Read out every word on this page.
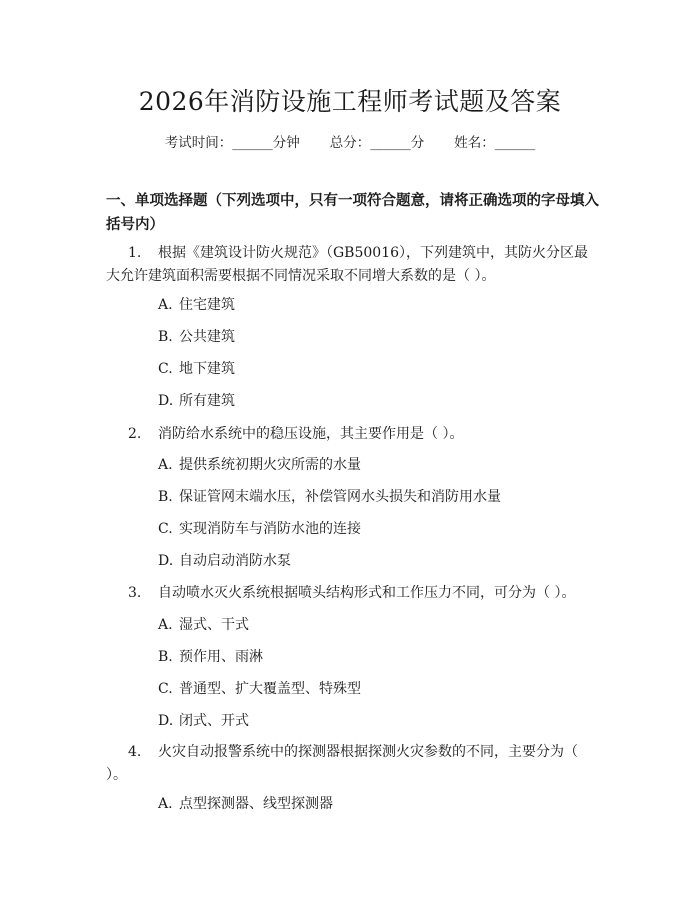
2026年消防设施工程师考试题及答案
考试时间：______分钟 总分：______分 姓名：______
一、单项选择题（下列选项中，只有一项符合题意，请将正确选项的字母填入括号内）
1. 根据《建筑设计防火规范》（GB50016），下列建筑中，其防火分区最大允许建筑面积需要根据不同情况采取不同增大系数的是（ ）。
A. 住宅建筑
B. 公共建筑
C. 地下建筑
D. 所有建筑
2. 消防给水系统中的稳压设施，其主要作用是（ ）。
A. 提供系统初期火灾所需的水量
B. 保证管网末端水压，补偿管网水头损失和消防用水量
C. 实现消防车与消防水池的连接
D. 自动启动消防水泵
3. 自动喷水灭火系统根据喷头结构形式和工作压力不同，可分为（ ）。
A. 湿式、干式
B. 预作用、雨淋
C. 普通型、扩大覆盖型、特殊型
D. 闭式、开式
4. 火灾自动报警系统中的探测器根据探测火灾参数的不同，主要分为（ ）。
A. 点型探测器、线型探测器
